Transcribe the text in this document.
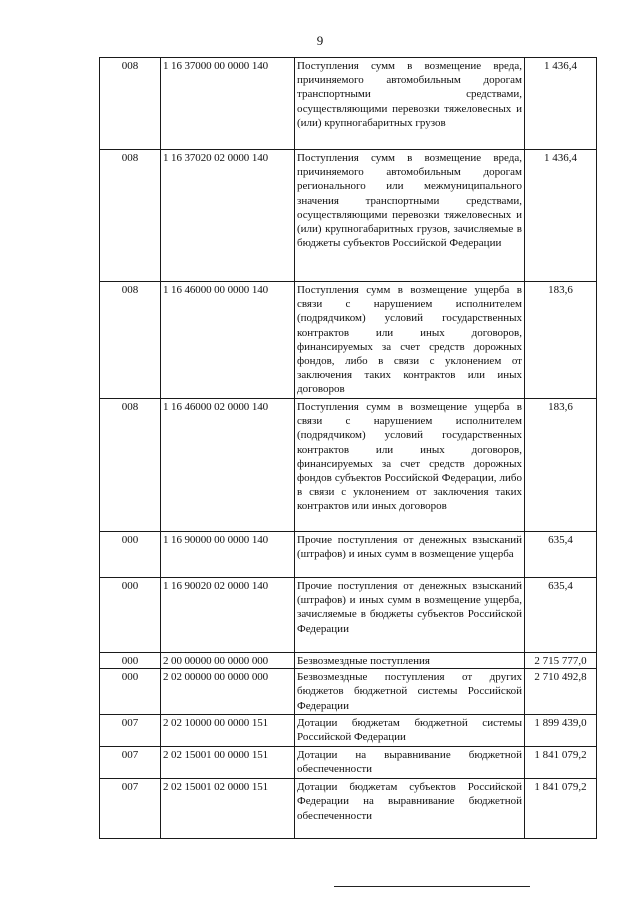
9
008	1 16 37000 00 0000 140	Поступления сумм в возмещение вреда, причиняемого автомобильным дорогам транспортными средствами, осуществляющими перевозки тяжеловесных и (или) крупногабаритных грузов	1 436,4
008	1 16 37020 02 0000 140	Поступления сумм в возмещение вреда, причиняемого автомобильным дорогам регионального или межмуниципального значения транспортными средствами, осуществляющими перевозки тяжеловесных и (или) крупногабаритных грузов, зачисляемые в бюджеты субъектов Российской Федерации	1 436,4
008	1 16 46000 00 0000 140	Поступления сумм в возмещение ущерба в связи с нарушением исполнителем (подрядчиком) условий государственных контрактов или иных договоров, финансируемых за счет средств дорожных фондов, либо в связи с уклонением от заключения таких контрактов или иных договоров	183,6
008	1 16 46000 02 0000 140	Поступления сумм в возмещение ущерба в связи с нарушением исполнителем (подрядчиком) условий государственных контрактов или иных договоров, финансируемых за счет средств дорожных фондов субъектов Российской Федерации, либо в связи с уклонением от заключения таких контрактов или иных договоров	183,6
000	1 16 90000 00 0000 140	Прочие поступления от денежных взысканий (штрафов) и иных сумм в возмещение ущерба	635,4
000	1 16 90020 02 0000 140	Прочие поступления от денежных взысканий (штрафов) и иных сумм в возмещение ущерба, зачисляемые в бюджеты субъектов Российской Федерации	635,4
000	2 00 00000 00 0000 000	Безвозмездные поступления	2 715 777,0
000	2 02 00000 00 0000 000	Безвозмездные поступления от других бюджетов бюджетной системы Российской Федерации	2 710 492,8
007	2 02 10000 00 0000 151	Дотации бюджетам бюджетной системы Российской Федерации	1 899 439,0
007	2 02 15001 00 0000 151	Дотации на выравнивание бюджетной обеспеченности	1 841 079,2
007	2 02 15001 02 0000 151	Дотации бюджетам субъектов Российской Федерации на выравнивание бюджетной обеспеченности	1 841 079,2
